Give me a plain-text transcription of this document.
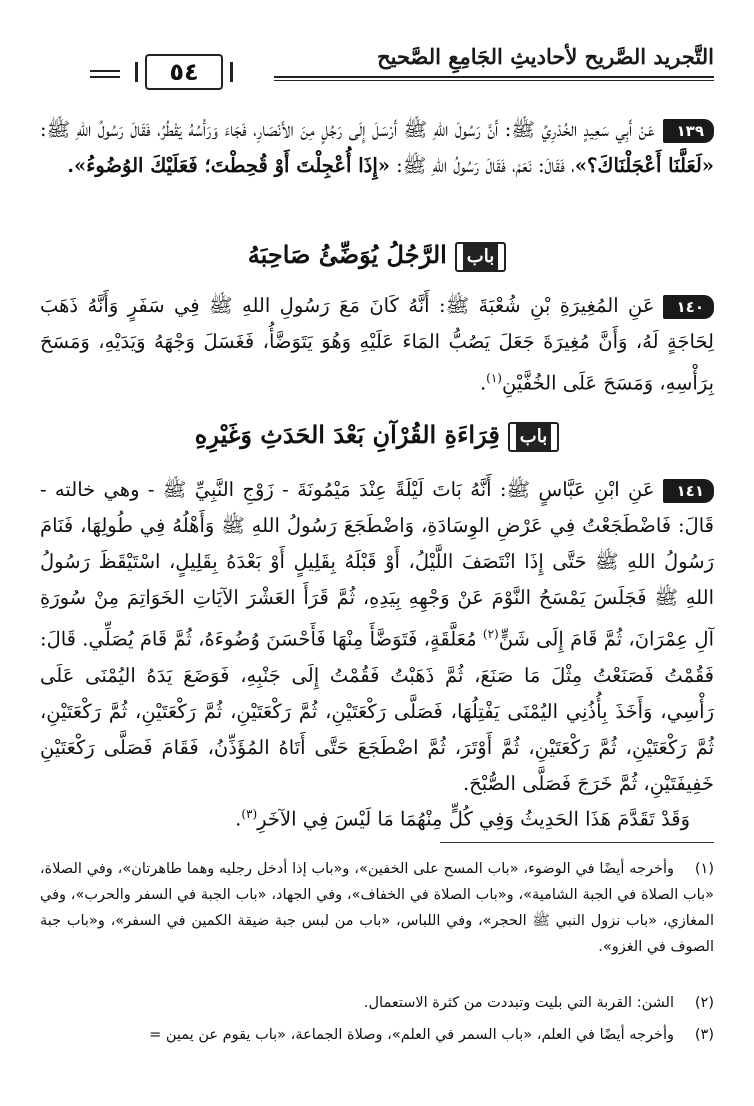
التَّجريد الصَّريح لأحاديثِ الجَامِعِ الصَّحيح
٥٤
١٣٩عَنْ أَبِي سَعِيدٍ الخُدْرِيِّ ﷺ: أَنَّ رَسُولَ اللهِ ﷺ أَرْسَلَ إِلَى رَجُلٍ مِنَ الأَنْصَارِ، فَجَاءَ وَرَأْسُهُ يَقْطُرُ، فَقَالَ رَسُولُ اللهِ ﷺ: «لَعَلَّنَا أَعْجَلْنَاكَ؟»، فَقَالَ: نَعَمْ، فَقَالَ رَسُولُ اللهِ ﷺ: «إِذَا أُعْجِلْتَ أَوْ قُحِطْتَ؛ فَعَلَيْكَ الوُضُوءُ».
بابالرَّجُلُ يُوَضِّئُ صَاحِبَهُ
١٤٠عَنِ المُغِيرَةِ بْنِ شُعْبَةَ ﷺ: أَنَّهُ كَانَ مَعَ رَسُولِ اللهِ ﷺ فِي سَفَرٍ وَأَنَّهُ ذَهَبَ لِحَاجَةٍ لَهُ، وَأَنَّ مُغِيرَةَ جَعَلَ يَصُبُّ المَاءَ عَلَيْهِ وَهُوَ يَتَوَضَّأُ، فَغَسَلَ وَجْهَهُ وَيَدَيْهِ، وَمَسَحَ بِرَأْسِهِ، وَمَسَحَ عَلَى الخُفَّيْنِ$^{(١)}$.
بابقِرَاءَةِ القُرْآنِ بَعْدَ الحَدَثِ وَغَيْرِهِ
١٤١عَنِ ابْنِ عَبَّاسٍ ﷺ: أَنَّهُ بَاتَ لَيْلَةً عِنْدَ مَيْمُونَةَ - زَوْجِ النَّبِيِّ ﷺ - وهي خالته - قَالَ: فَاضْطَجَعْتُ فِي عَرْضِ الوِسَادَةِ، وَاضْطَجَعَ رَسُولُ اللهِ ﷺ وَأَهْلُهُ فِي طُولِهَا، فَنَامَ رَسُولُ اللهِ ﷺ حَتَّى إِذَا انْتَصَفَ اللَّيْلُ، أَوْ قَبْلَهُ بِقَلِيلٍ أَوْ بَعْدَهُ بِقَلِيلٍ، اسْتَيْقَظَ رَسُولُ اللهِ ﷺ فَجَلَسَ يَمْسَحُ النَّوْمَ عَنْ وَجْهِهِ بِيَدِهِ، ثُمَّ قَرَأَ العَشْرَ الآيَاتِ الخَوَاتِمَ مِنْ سُورَةِ آلِ عِمْرَانَ، ثُمَّ قَامَ إِلَى شَنٍّ$^{(٢)}$ مُعَلَّقَةٍ، فَتَوَضَّأَ مِنْهَا فَأَحْسَنَ وُضُوءَهُ، ثُمَّ قَامَ يُصَلِّي. قَالَ: فَقُمْتُ فَصَنَعْتُ مِثْلَ مَا صَنَعَ، ثُمَّ ذَهَبْتُ فَقُمْتُ إِلَى جَنْبِهِ، فَوَضَعَ يَدَهُ اليُمْنَى عَلَى رَأْسِي، وَأَخَذَ بِأُذُنِي اليُمْنَى يَفْتِلُهَا، فَصَلَّى رَكْعَتَيْنِ، ثُمَّ رَكْعَتَيْنِ، ثُمَّ رَكْعَتَيْنِ، ثُمَّ رَكْعَتَيْنِ، ثُمَّ رَكْعَتَيْنِ، ثُمَّ رَكْعَتَيْنِ، ثُمَّ أَوْتَرَ، ثُمَّ اضْطَجَعَ حَتَّى أَتَاهُ المُؤَذِّنُ، فَقَامَ فَصَلَّى رَكْعَتَيْنِ خَفِيفَتَيْنِ، ثُمَّ خَرَجَ فَصَلَّى الصُّبْحَ.
وَقَدْ تَقَدَّمَ هَذَا الحَدِيثُ وَفِي كُلٍّ مِنْهُمَا مَا لَيْسَ فِي الآخَرِ$^{(٣)}$.
(١)وأخرجه أيضًا في الوضوء، «باب المسح على الخفين»، و«باب إذا أدخل رجليه وهما طاهرتان»، وفي الصلاة، «باب الصلاة في الجبة الشامية»، و«باب الصلاة في الخفاف»، وفي الجهاد، «باب الجبة في السفر والحرب»، وفي المغازي، «باب نزول النبي ﷺ الحجر»، وفي اللباس، «باب من لبس جبة ضيقة الكمين في السفر»، و«باب جبة الصوف في الغزو».
(٢)الشن: القربة التي بليت وتبددت من كثرة الاستعمال.
(٣)وأخرجه أيضًا في العلم، «باب السمر في العلم»، وصلاة الجماعة، «باب يقوم عن يمين =
